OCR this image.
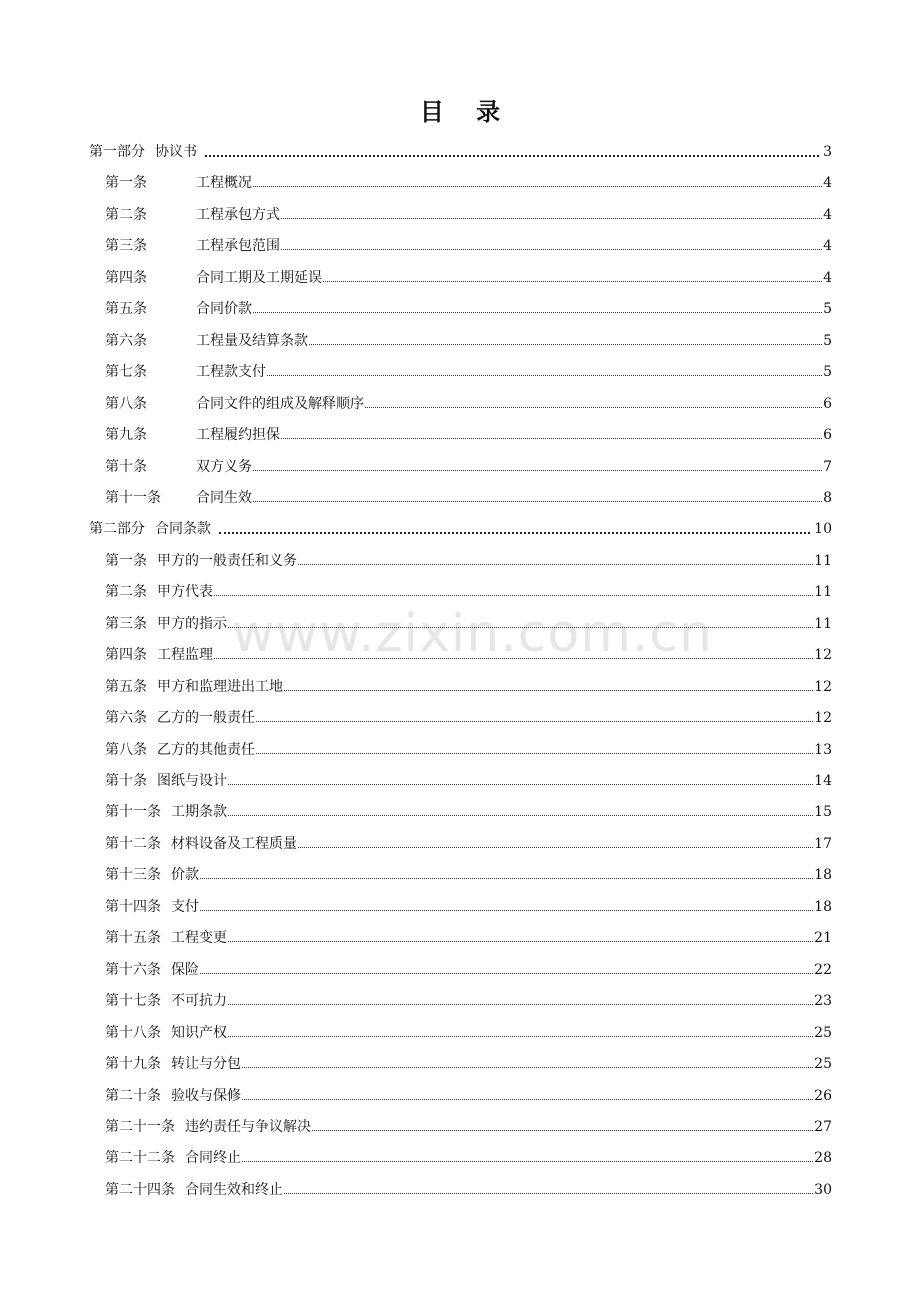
www.zixin.com.cn
目 录
第一部分 协议书	3
第一条	工程概况	4
第二条	工程承包方式	4
第三条	工程承包范围	4
第四条	合同工期及工期延误	4
第五条	合同价款	5
第六条	工程量及结算条款	5
第七条	工程款支付	5
第八条	合同文件的组成及解释顺序	6
第九条	工程履约担保	6
第十条	双方义务	7
第十一条	合同生效	8
第二部分 合同条款	10
第一条 甲方的一般责任和义务	11
第二条 甲方代表	11
第三条 甲方的指示	11
第四条 工程监理	12
第五条 甲方和监理进出工地	12
第六条 乙方的一般责任	12
第八条 乙方的其他责任	13
第十条 图纸与设计	14
第十一条 工期条款	15
第十二条 材料设备及工程质量	17
第十三条 价款	18
第十四条 支付	18
第十五条 工程变更	21
第十六条 保险	22
第十七条 不可抗力	23
第十八条 知识产权	25
第十九条 转让与分包	25
第二十条 验收与保修	26
第二十一条 违约责任与争议解决	27
第二十二条 合同终止	28
第二十四条 合同生效和终止	30
